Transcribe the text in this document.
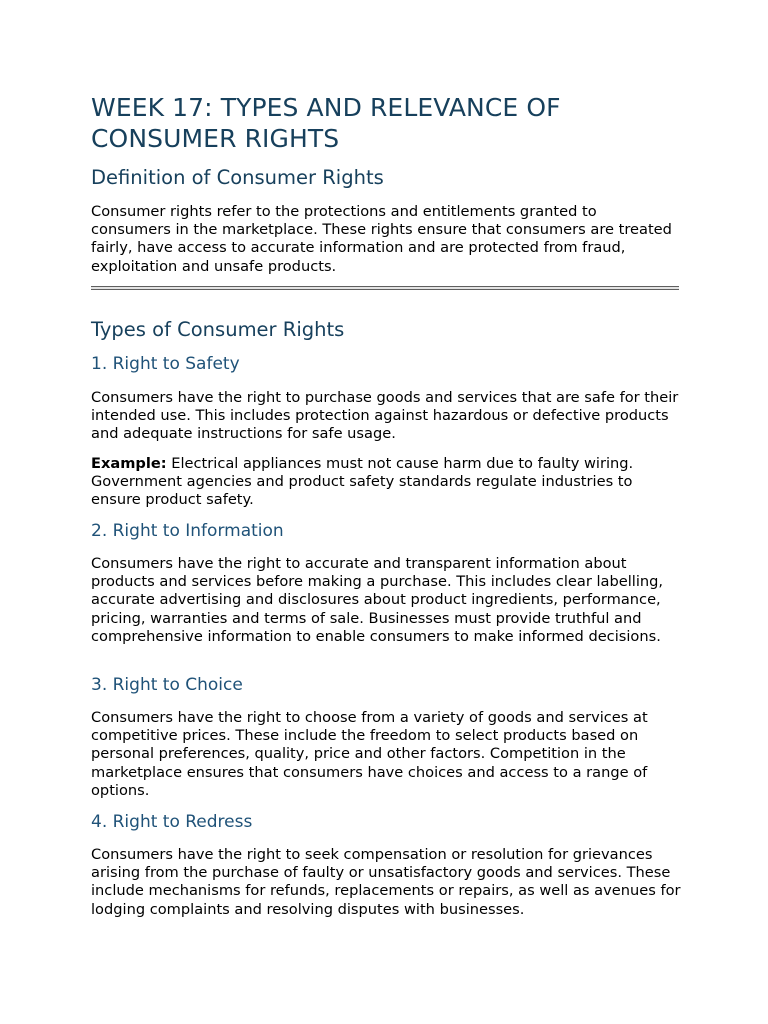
WEEK 17: TYPES AND RELEVANCE OF CONSUMER RIGHTS
Definition of Consumer Rights

Consumer rights refer to the protections and entitlements granted to consumers in the marketplace. These rights ensure that consumers are treated fairly, have access to accurate information and are protected from fraud, exploitation and unsafe products.

Types of Consumer Rights
1. Right to Safety

Consumers have the right to purchase goods and services that are safe for their intended use. This includes protection against hazardous or defective products and adequate instructions for safe usage.

Example: Electrical appliances must not cause harm due to faulty wiring. Government agencies and product safety standards regulate industries to ensure product safety.

2. Right to Information

Consumers have the right to accurate and transparent information about products and services before making a purchase. This includes clear labelling, accurate advertising and disclosures about product ingredients, performance, pricing, warranties and terms of sale. Businesses must provide truthful and comprehensive information to enable consumers to make informed decisions.

3. Right to Choice

Consumers have the right to choose from a variety of goods and services at competitive prices. These include the freedom to select products based on personal preferences, quality, price and other factors. Competition in the marketplace ensures that consumers have choices and access to a range of options.

4. Right to Redress

Consumers have the right to seek compensation or resolution for grievances arising from the purchase of faulty or unsatisfactory goods and services. These include mechanisms for refunds, replacements or repairs, as well as avenues for lodging complaints and resolving disputes with businesses.
